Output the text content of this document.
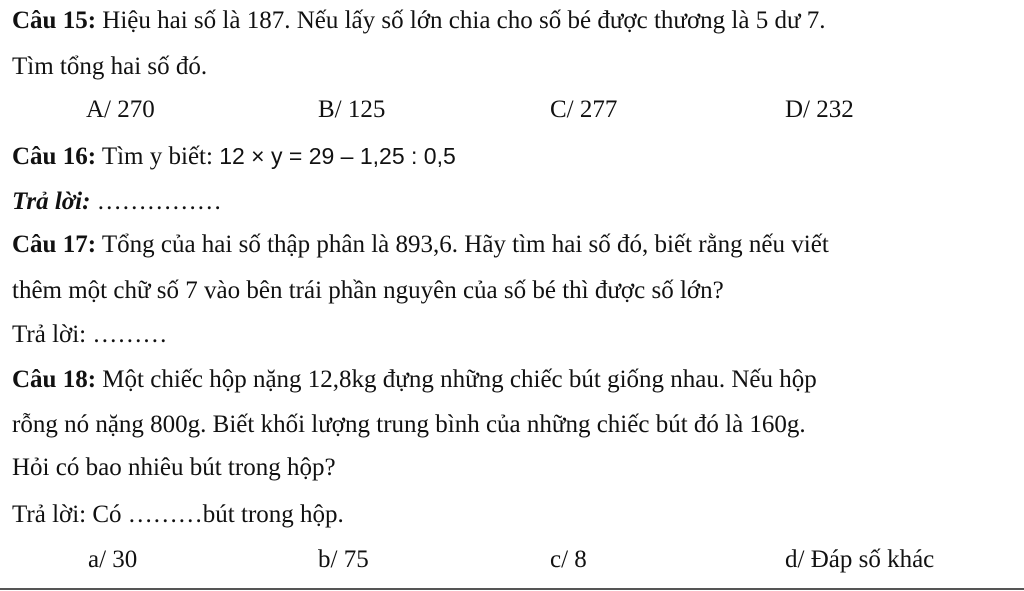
Câu 15: Hiệu hai số là 187. Nếu lấy số lớn chia cho số bé được thương là 5 dư 7.
Tìm tổng hai số đó.
A/ 270	B/ 125	C/ 277	D/ 232
Câu 16: Tìm y biết: 12 × y = 29 – 1,25 : 0,5
Trả lời: ……………
Câu 17: Tổng của hai số thập phân là 893,6. Hãy tìm hai số đó, biết rằng nếu viết
thêm một chữ số 7 vào bên trái phần nguyên của số bé thì được số lớn?
Trả lời: ………
Câu 18: Một chiếc hộp nặng 12,8kg đựng những chiếc bút giống nhau. Nếu hộp
rỗng nó nặng 800g. Biết khối lượng trung bình của những chiếc bút đó là 160g.
Hỏi có bao nhiêu bút trong hộp?
Trả lời: Có ………bút trong hộp.
a/ 30	b/ 75	c/ 8	d/ Đáp số khác
